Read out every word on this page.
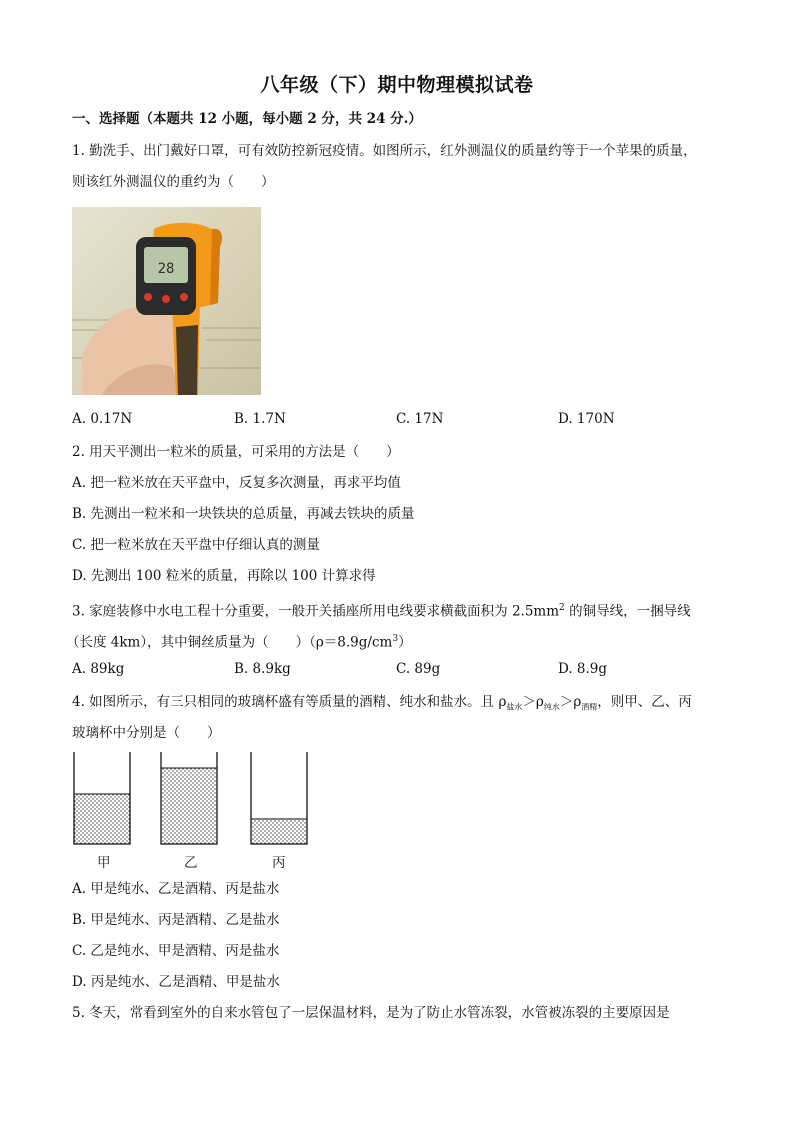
八年级（下）期中物理模拟试卷
一、选择题（本题共 12 小题，每小题 2 分，共 24 分.）
1. 勤洗手、出门戴好口罩，可有效防控新冠疫情。如图所示，红外测温仪的质量约等于一个苹果的质量，
则该红外测温仪的重约为（　　）
28
A. 0.17N	B. 1.7N	C. 17N	D. 170N
2. 用天平测出一粒米的质量，可采用的方法是（　　）
A. 把一粒米放在天平盘中，反复多次测量，再求平均值
B. 先测出一粒米和一块铁块的总质量，再减去铁块的质量
C. 把一粒米放在天平盘中仔细认真的测量
D. 先测出 100 粒米的质量，再除以 100 计算求得
3. 家庭装修中水电工程十分重要，一般开关插座所用电线要求横截面积为 $2.5mm^2$ 的铜导线，一捆导线
（长度 4km），其中铜丝质量为（　　）$(\rho=8.9g/cm^3)$
A. 89kg	B. 8.9kg	C. 89g	D. 8.9g
4. 如图所示，有三只相同的玻璃杯盛有等质量的酒精、纯水和盐水。且 $\rho_{盐水}>\rho_{纯水}>\rho_{酒精}$，则甲、乙、丙
玻璃杯中分别是（　　）
甲	乙	丙
A. 甲是纯水、乙是酒精、丙是盐水
B. 甲是纯水、丙是酒精、乙是盐水
C. 乙是纯水、甲是酒精、丙是盐水
D. 丙是纯水、乙是酒精、甲是盐水
5. 冬天，常看到室外的自来水管包了一层保温材料，是为了防止水管冻裂，水管被冻裂的主要原因是
